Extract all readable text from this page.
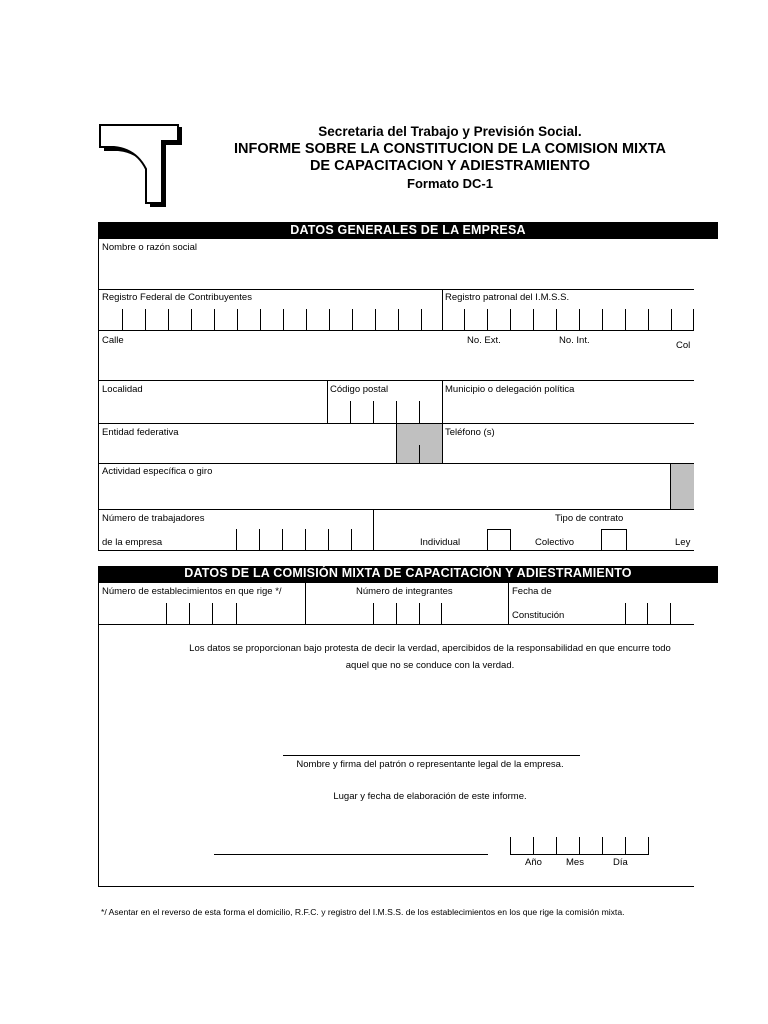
Secretaria del Trabajo y Previsión Social.
INFORME SOBRE LA CONSTITUCION DE LA COMISION MIXTA
DE CAPACITACION Y ADIESTRAMIENTO
Formato DC-1
DATOS GENERALES DE LA EMPRESA
Nombre o razón social
Registro Federal de Contribuyentes	Registro patronal del I.M.S.S.
Calle	No. Ext.	No. Int.	Col
Localidad	Código postal	Municipio o delegación política
Entidad federativa	Teléfono (s)
Actividad específica o giro
Número de trabajadores
de la empresa
Tipo de contrato
Individual	Colectivo	Ley
DATOS DE LA COMISIÓN MIXTA DE CAPACITACIÓN Y ADIESTRAMIENTO
Número de establecimientos en que rige */	Número de integrantes	Fecha de
Constitución
Los datos se proporcionan bajo protesta de decir la verdad, apercibidos de la responsabilidad en que encurre todo
aquel que no se conduce con la verdad.
Nombre y firma del patrón o representante legal de la empresa.
Lugar y fecha de elaboración de este informe.
Año	Mes	Día
*/ Asentar en el reverso de esta forma el domicilio, R.F.C. y registro del I.M.S.S. de los establecimientos en los que rige la comisión mixta.
